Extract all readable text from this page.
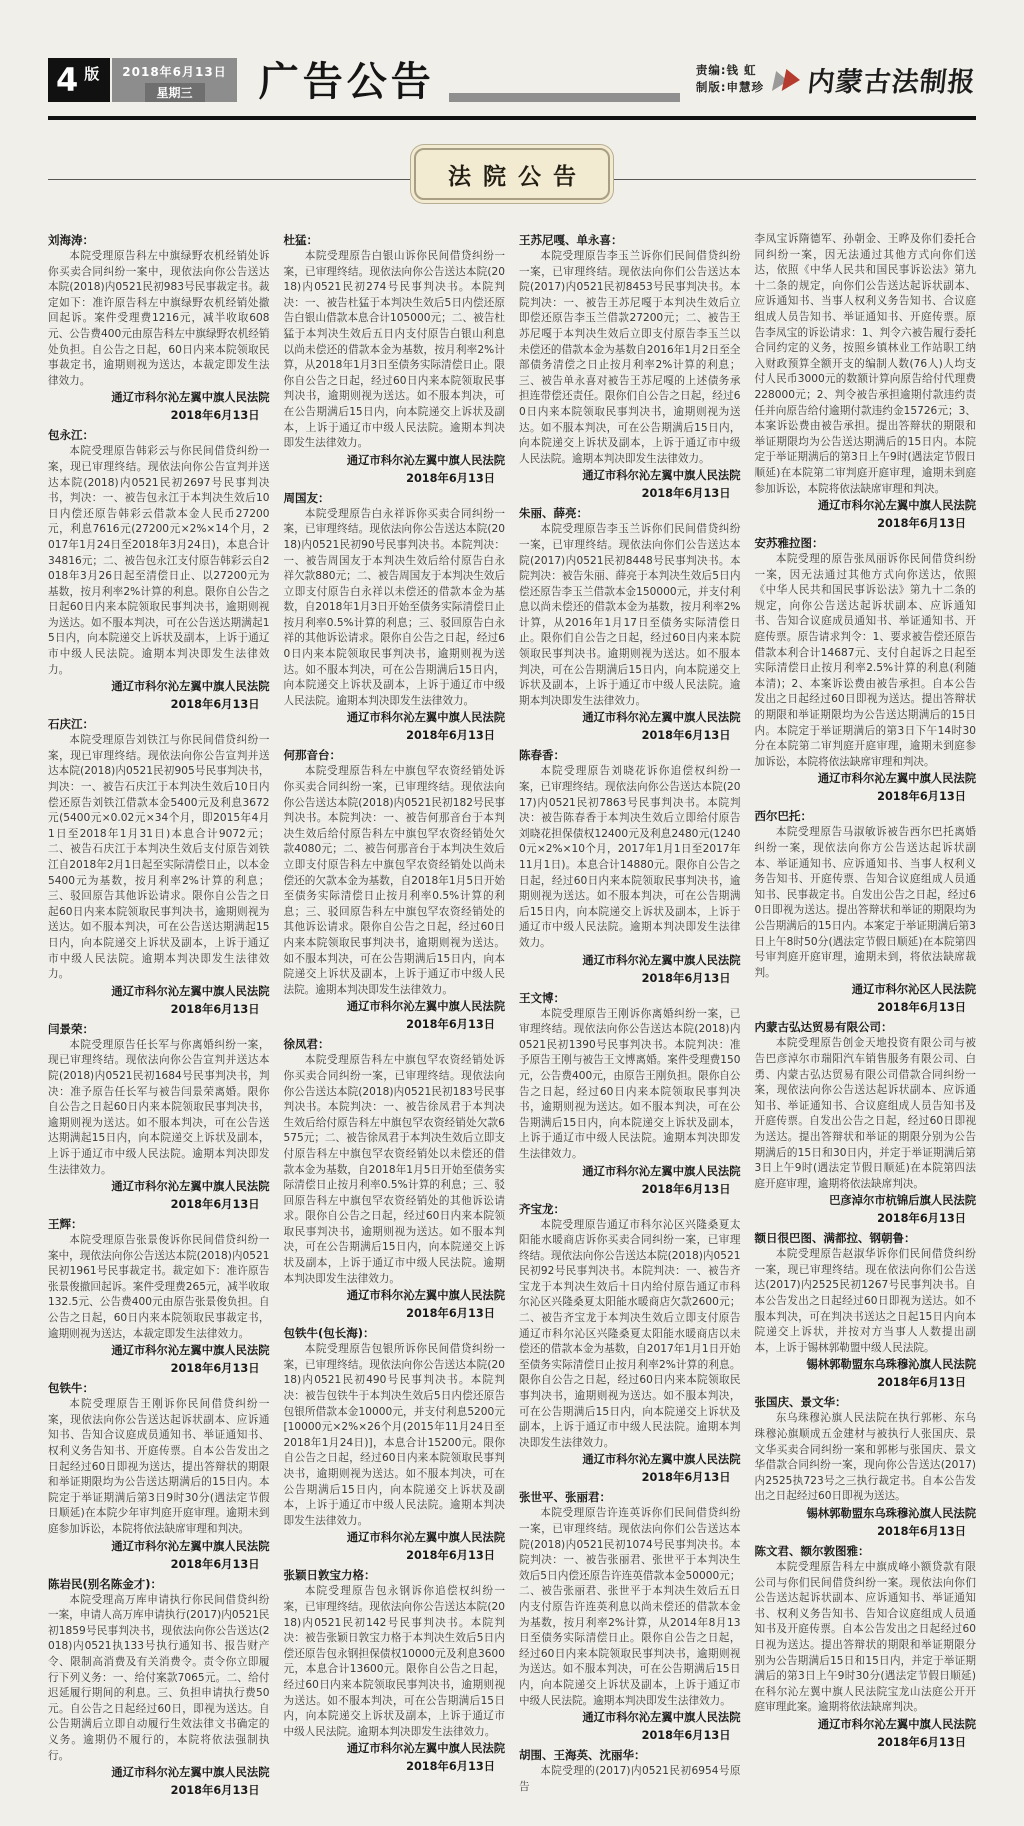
4 版 2018年6月13日
星期三	广告公告	责编:钱 虹
制版:申慧珍 内蒙古法制报
法院公告
刘海涛：

本院受理原告科左中旗绿野农机经销处诉你买卖合同纠纷一案中，现依法向你公告送达本院(2018)内0521民初983号民事裁定书。裁定如下：准许原告科左中旗绿野农机经销处撤回起诉。案件受理费1216元，减半收取608元、公告费400元由原告科左中旗绿野农机经销处负担。自公告之日起，60日内来本院领取民事裁定书，逾期则视为送达，本裁定即发生法律效力。

通辽市科尔沁左翼中旗人民法院
2018年6月13日
包永江：

本院受理原告韩彩云与你民间借贷纠纷一案，现已审理终结。现依法向你公告宣判并送达本院(2018)内0521民初2697号民事判决书，判决：一、被告包永江于本判决生效后10日内偿还原告韩彩云借款本金人民币27200元，利息7616元(27200元×2%×14个月，2017年1月24日至2018年3月24日)，本息合计34816元；二、被告包永江支付原告韩彩云自2018年3月26日起至清偿日止、以27200元为基数，按月利率2%计算的利息。限你自公告之日起60日内来本院领取民事判决书，逾期则视为送达。如不服本判决，可在公告送达期满起15日内，向本院递交上诉状及副本，上诉于通辽市中级人民法院。逾期本判决即发生法律效力。

通辽市科尔沁左翼中旗人民法院
2018年6月13日
石庆江：

本院受理原告刘铁江与你民间借贷纠纷一案，现已审理终结。现依法向你公告宣判并送达本院(2018)内0521民初905号民事判决书，判决：一、被告石庆江于本判决生效后10日内偿还原告刘铁江借款本金5400元及利息3672元(5400元×0.02元×34个月，即2015年4月1日至2018年1月31日)本息合计9072元；二、被告石庆江于本判决生效后支付原告刘铁江自2018年2月1日起至实际清偿日止，以本金5400元为基数，按月利率2%计算的利息；三、驳回原告其他诉讼请求。限你自公告之日起60日内来本院领取民事判决书，逾期则视为送达。如不服本判决，可在公告送达期满起15日内，向本院递交上诉状及副本，上诉于通辽市中级人民法院。逾期本判决即发生法律效力。

通辽市科尔沁左翼中旗人民法院
2018年6月13日
闫景荣：

本院受理原告任长军与你离婚纠纷一案，现已审理终结。现依法向你公告宣判并送达本院(2018)内0521民初1684号民事判决书，判决：准予原告任长军与被告闫景荣离婚。限你自公告之日起60日内来本院领取民事判决书，逾期则视为送达。如不服本判决，可在公告送达期满起15日内，向本院递交上诉状及副本，上诉于通辽市中级人民法院。逾期本判决即发生法律效力。

通辽市科尔沁左翼中旗人民法院
2018年6月13日
王辉：

本院受理原告张景俊诉你民间借贷纠纷一案中，现依法向你公告送达本院(2018)内0521民初1961号民事裁定书。裁定如下：准许原告张景俊撤回起诉。案件受理费265元，减半收取132.5元、公告费400元由原告张景俊负担。自公告之日起，60日内来本院领取民事裁定书，逾期则视为送达，本裁定即发生法律效力。

通辽市科尔沁左翼中旗人民法院
2018年6月13日
包铁牛：

本院受理原告王刚诉你民间借贷纠纷一案，现依法向你公告送达起诉状副本、应诉通知书、告知合议庭成员通知书、举证通知书、权利义务告知书、开庭传票。自本公告发出之日起经过60日即视为送达，提出答辩状的期限和举证期限均为公告送达期满后的15日内。本院定于举证期满后第3日9时30分(遇法定节假日顺延)在本院少年审判庭开庭审理。逾期未到庭参加诉讼，本院将依法缺席审理和判决。

通辽市科尔沁左翼中旗人民法院
2018年6月13日
陈岩民(别名陈金才)：

本院受理高万库申请执行你民间借贷纠纷一案，申请人高万库申请执行(2017)内0521民初1859号民事判决书，现依法向你公告送达(2018)内0521执133号执行通知书、报告财产令、限制高消费及有关消费令。责令你立即履行下列义务：一、给付案款7065元。二、给付迟延履行期间的利息。三、负担申请执行费50元。自公告之日起经过60日，即视为送达。自公告期满后立即自动履行生效法律文书确定的义务。逾期仍不履行的，本院将依法强制执行。

通辽市科尔沁左翼中旗人民法院
2018年6月13日
杜猛：

本院受理原告白银山诉你民间借贷纠纷一案，已审理终结。现依法向你公告送达本院(2018)内0521民初274号民事判决书。本院判决：一、被告杜猛于本判决生效后5日内偿还原告白银山借款本息合计105000元；二、被告杜猛于本判决生效后五日内支付原告白银山利息以尚未偿还的借款本金为基数，按月利率2%计算，从2018年1月3日至债务实际清偿日止。限你自公告之日起，经过60日内来本院领取民事判决书，逾期则视为送达。如不服本判决，可在公告期满后15日内，向本院递交上诉状及副本，上诉于通辽市中级人民法院。逾期本判决即发生法律效力。

通辽市科尔沁左翼中旗人民法院
2018年6月13日
周国友：

本院受理原告白永祥诉你买卖合同纠纷一案，已审理终结。现依法向你公告送达本院(2018)内0521民初90号民事判决书。本院判决：一、被告周国友于本判决生效后给付原告白永祥欠款880元；二、被告周国友于本判决生效后立即支付原告白永祥以未偿还的借款本金为基数，自2018年1月3日开始至债务实际清偿日止按月利率0.5%计算的利息；三、驳回原告白永祥的其他诉讼请求。限你自公告之日起，经过60日内来本院领取民事判决书，逾期则视为送达。如不服本判决，可在公告期满后15日内，向本院递交上诉状及副本，上诉于通辽市中级人民法院。逾期本判决即发生法律效力。

通辽市科尔沁左翼中旗人民法院
2018年6月13日
何那音台：

本院受理原告科左中旗包罕农资经销处诉你买卖合同纠纷一案，已审理终结。现依法向你公告送达本院(2018)内0521民初182号民事判决书。本院判决：一、被告何那音台于本判决生效后给付原告科左中旗包罕农资经销处欠款4080元；二、被告何那音台于本判决生效后立即支付原告科左中旗包罕农资经销处以尚未偿还的欠款本金为基数，自2018年1月5日开始至债务实际清偿日止按月利率0.5%计算的利息；三、驳回原告科左中旗包罕农资经销处的其他诉讼请求。限你自公告之日起，经过60日内来本院领取民事判决书，逾期则视为送达。如不服本判决，可在公告期满后15日内，向本院递交上诉状及副本，上诉于通辽市中级人民法院。逾期本判决即发生法律效力。

通辽市科尔沁左翼中旗人民法院
2018年6月13日
徐凤君：

本院受理原告科左中旗包罕农资经销处诉你买卖合同纠纷一案，已审理终结。现依法向你公告送达本院(2018)内0521民初183号民事判决书。本院判决：一、被告徐凤君于本判决生效后给付原告科左中旗包罕农资经销处欠款6575元；二、被告徐凤君于本判决生效后立即支付原告科左中旗包罕农资经销处以未偿还的借款本金为基数，自2018年1月5日开始至债务实际清偿日止按月利率0.5%计算的利息；三、驳回原告科左中旗包罕农资经销处的其他诉讼请求。限你自公告之日起，经过60日内来本院领取民事判决书，逾期则视为送达。如不服本判决，可在公告期满后15日内，向本院递交上诉状及副本，上诉于通辽市中级人民法院。逾期本判决即发生法律效力。

通辽市科尔沁左翼中旗人民法院
2018年6月13日
包铁牛(包长海)：

本院受理原告包银所诉你民间借贷纠纷一案，已审理终结。现依法向你公告送达本院(2018)内0521民初490号民事判决书。本院判决：被告包铁牛于本判决生效后5日内偿还原告包银所借款本金10000元，并支付利息5200元[10000元×2%×26个月(2015年11月24日至2018年1月24日)]，本息合计15200元。限你自公告之日起，经过60日内来本院领取民事判决书，逾期则视为送达。如不服本判决，可在公告期满后15日内，向本院递交上诉状及副本，上诉于通辽市中级人民法院。逾期本判决即发生法律效力。

通辽市科尔沁左翼中旗人民法院
2018年6月13日
张颖日敦宝力格：

本院受理原告包永钢诉你追偿权纠纷一案，已审理终结。现依法向你公告送达本院(2018)内0521民初142号民事判决书。本院判决：被告张颖日敦宝力格于本判决生效后5日内偿还原告包永钢担保债权10000元及利息3600元，本息合计13600元。限你自公告之日起，经过60日内来本院领取民事判决书，逾期则视为送达。如不服本判决，可在公告期满后15日内，向本院递交上诉状及副本，上诉于通辽市中级人民法院。逾期本判决即发生法律效力。

通辽市科尔沁左翼中旗人民法院
2018年6月13日
王苏尼嘎、单永喜：

本院受理原告李玉兰诉你们民间借贷纠纷一案，已审理终结。现依法向你们公告送达本院(2017)内0521民初8453号民事判决书。本院判决：一、被告王苏尼嘎于本判决生效后立即偿还原告李玉兰借款27200元；二、被告王苏尼嘎于本判决生效后立即支付原告李玉兰以未偿还的借款本金为基数自2016年1月2日至全部债务清偿之日止按月利率2%计算的利息；三、被告单永喜对被告王苏尼嘎的上述债务承担连带偿还责任。限你们自公告之日起，经过60日内来本院领取民事判决书，逾期则视为送达。如不服本判决，可在公告期满后15日内，向本院递交上诉状及副本，上诉于通辽市中级人民法院。逾期本判决即发生法律效力。

通辽市科尔沁左翼中旗人民法院
2018年6月13日
朱丽、薛亮：

本院受理原告李玉兰诉你们民间借贷纠纷一案，已审理终结。现依法向你们公告送达本院(2017)内0521民初8448号民事判决书。本院判决：被告朱丽、薛亮于本判决生效后5日内偿还原告李玉兰借款本金150000元，并支付利息以尚未偿还的借款本金为基数，按月利率2%计算，从2016年1月17日至债务实际清偿日止。限你们自公告之日起，经过60日内来本院领取民事判决书。逾期则视为送达。如不服本判决，可在公告期满后15日内，向本院递交上诉状及副本，上诉于通辽市中级人民法院。逾期本判决即发生法律效力。

通辽市科尔沁左翼中旗人民法院
2018年6月13日
陈春香：

本院受理原告刘晓花诉你追偿权纠纷一案，已审理终结。现依法向你公告送达本院(2017)内0521民初7863号民事判决书。本院判决：被告陈春香于本判决生效后立即给付原告刘晓花担保债权12400元及利息2480元(12400元×2%×10个月，2017年1月1日至2017年11月1日)。本息合计14880元。限你自公告之日起，经过60日内来本院领取民事判决书，逾期则视为送达。如不服本判决，可在公告期满后15日内，向本院递交上诉状及副本，上诉于通辽市中级人民法院。逾期本判决即发生法律效力。

通辽市科尔沁左翼中旗人民法院
2018年6月13日
王文博：

本院受理原告王刚诉你离婚纠纷一案，已审理终结。现依法向你公告送达本院(2018)内0521民初1390号民事判决书。本院判决：准予原告王刚与被告王文博离婚。案件受理费150元，公告费400元，由原告王刚负担。限你自公告之日起，经过60日内来本院领取民事判决书，逾期则视为送达。如不服本判决，可在公告期满后15日内，向本院递交上诉状及副本，上诉于通辽市中级人民法院。逾期本判决即发生法律效力。

通辽市科尔沁左翼中旗人民法院
2018年6月13日
齐宝龙：

本院受理原告通辽市科尔沁区兴隆桑夏太阳能水暖商店诉你买卖合同纠纷一案，已审理终结。现依法向你公告送达本院(2018)内0521民初92号民事判决书。本院判决：一、被告齐宝龙于本判决生效后十日内给付原告通辽市科尔沁区兴隆桑夏太阳能水暖商店欠款2600元；二、被告齐宝龙于本判决生效后立即支付原告通辽市科尔沁区兴隆桑夏太阳能水暖商店以未偿还的借款本金为基数，自2017年1月1日开始至债务实际清偿日止按月利率2%计算的利息。限你自公告之日起，经过60日内来本院领取民事判决书，逾期则视为送达。如不服本判决，可在公告期满后15日内，向本院递交上诉状及副本，上诉于通辽市中级人民法院。逾期本判决即发生法律效力。

通辽市科尔沁左翼中旗人民法院
2018年6月13日
张世平、张丽君：

本院受理原告许连英诉你们民间借贷纠纷一案，已审理终结。现依法向你们公告送达本院(2018)内0521民初1074号民事判决书。本院判决：一、被告张丽君、张世平于本判决生效后5日内偿还原告许连英借款本金50000元；二、被告张丽君、张世平于本判决生效后五日内支付原告许连英利息以尚未偿还的借款本金为基数，按月利率2%计算，从2014年8月13日至债务实际清偿日止。限你自公告之日起，经过60日内来本院领取民事判决书，逾期则视为送达。如不服本判决，可在公告期满后15日内，向本院递交上诉状及副本，上诉于通辽市中级人民法院。逾期本判决即发生法律效力。

通辽市科尔沁左翼中旗人民法院
2018年6月13日
胡围、王海英、沈丽华：

本院受理的(2017)内0521民初6954号原告

李凤宝诉隋德军、孙朝金、王晔及你们委托合同纠纷一案，因无法通过其他方式向你们送达，依照《中华人民共和国民事诉讼法》第九十二条的规定，向你们公告送达起诉状副本、应诉通知书、当事人权利义务告知书、合议庭组成人员告知书、举证通知书、开庭传票。原告李凤宝的诉讼请求：1、判令六被告履行委托合同约定的义务，按照乡镇林业工作站职工纳入财政预算全额开支的编制人数(76人)人均支付人民币3000元的数额计算向原告给付代理费228000元；2、判令被告承担逾期付款违约责任并向原告给付逾期付款违约金15726元；3、本案诉讼费由被告承担。提出答辩状的期限和举证期限均为公告送达期满后的15日内。本院定于举证期满后的第3日上午9时(遇法定节假日顺延)在本院第二审判庭开庭审理，逾期未到庭参加诉讼，本院将依法缺席审理和判决。

通辽市科尔沁左翼中旗人民法院
2018年6月13日
安苏雅拉图：

本院受理的原告张凤丽诉你民间借贷纠纷一案，因无法通过其他方式向你送达，依照《中华人民共和国民事诉讼法》第九十二条的规定，向你公告送达起诉状副本、应诉通知书、告知合议庭成员通知书、举证通知书、开庭传票。原告请求判令：1、要求被告偿还原告借款本利合计14687元、支付自起诉之日起至实际清偿日止按月利率2.5%计算的利息(利随本清)；2、本案诉讼费由被告承担。自本公告发出之日起经过60日即视为送达。提出答辩状的期限和举证期限均为公告送达期满后的15日内。本院定于举证期满后的第3日下午14时30分在本院第二审判庭开庭审理，逾期未到庭参加诉讼，本院将依法缺席审理和判决。

通辽市科尔沁左翼中旗人民法院
2018年6月13日
西尔巴托：

本院受理原告马淑敏诉被告西尔巴托离婚纠纷一案，现依法向你方公告送达起诉状副本、举证通知书、应诉通知书、当事人权利义务告知书、开庭传票、告知合议庭组成人员通知书、民事裁定书。自发出公告之日起，经过60日即视为送达。提出答辩状和举证的期限均为公告期满后的15日内。本案定于举证期满后第3日上午8时50分(遇法定节假日顺延)在本院第四号审判庭开庭审理，逾期未到，将依法缺席裁判。

通辽市科尔沁区人民法院
2018年6月13日
内蒙古弘达贸易有限公司：

本院受理原告创金天地投资有限公司与被告巴彦淖尔市瑞阳汽车销售服务有限公司、白勇、内蒙古弘达贸易有限公司借款合同纠纷一案，现依法向你公告送达起诉状副本、应诉通知书、举证通知书、合议庭组成人员告知书及开庭传票。自发出公告之日起，经过60日即视为送达。提出答辩状和举证的期限分别为公告期满后的15日和30日内，并定于举证期满后第3日上午9时(遇法定节假日顺延)在本院第四法庭开庭审理，逾期将依法缺席判决。

巴彦淖尔市杭锦后旗人民法院
2018年6月13日
额日很巴图、满都拉、钢朝鲁：

本院受理原告赵淑华诉你们民间借贷纠纷一案，现已审理终结。现在依法向你们公告送达(2017)内2525民初1267号民事判决书。自本公告发出之日起经过60日即视为送达。如不服本判决，可在判决书送达之日起15日内向本院递交上诉状，并按对方当事人人数提出副本，上诉于锡林郭勒盟中级人民法院。

锡林郭勒盟东乌珠穆沁旗人民法院
2018年6月13日
张国庆、景文华：

东乌珠穆沁旗人民法院在执行郭彬、东乌珠穆沁旗顺成五金建材与被执行人张国庆、景文华买卖合同纠纷一案和郭彬与张国庆、景文华借款合同纠纷一案，现向你公告送达(2017)内2525执723号之三执行裁定书。自本公告发出之日起经过60日即视为送达。

锡林郭勒盟东乌珠穆沁旗人民法院
2018年6月13日
陈文君、额尔敦图雅：

本院受理原告科左中旗成峰小额贷款有限公司与你们民间借贷纠纷一案。现依法向你们公告送达起诉状副本、应诉通知书、举证通知书、权利义务告知书、告知合议庭组成人员通知书及开庭传票。自本公告发出之日起经过60日视为送达。提出答辩状的期限和举证期限分别为公告期满后15日和15日内，并定于举证期满后的第3日上午9时30分(遇法定节假日顺延)在科尔沁左翼中旗人民法院宝龙山法庭公开开庭审理此案。逾期将依法缺席判决。

通辽市科尔沁左翼中旗人民法院
2018年6月13日
